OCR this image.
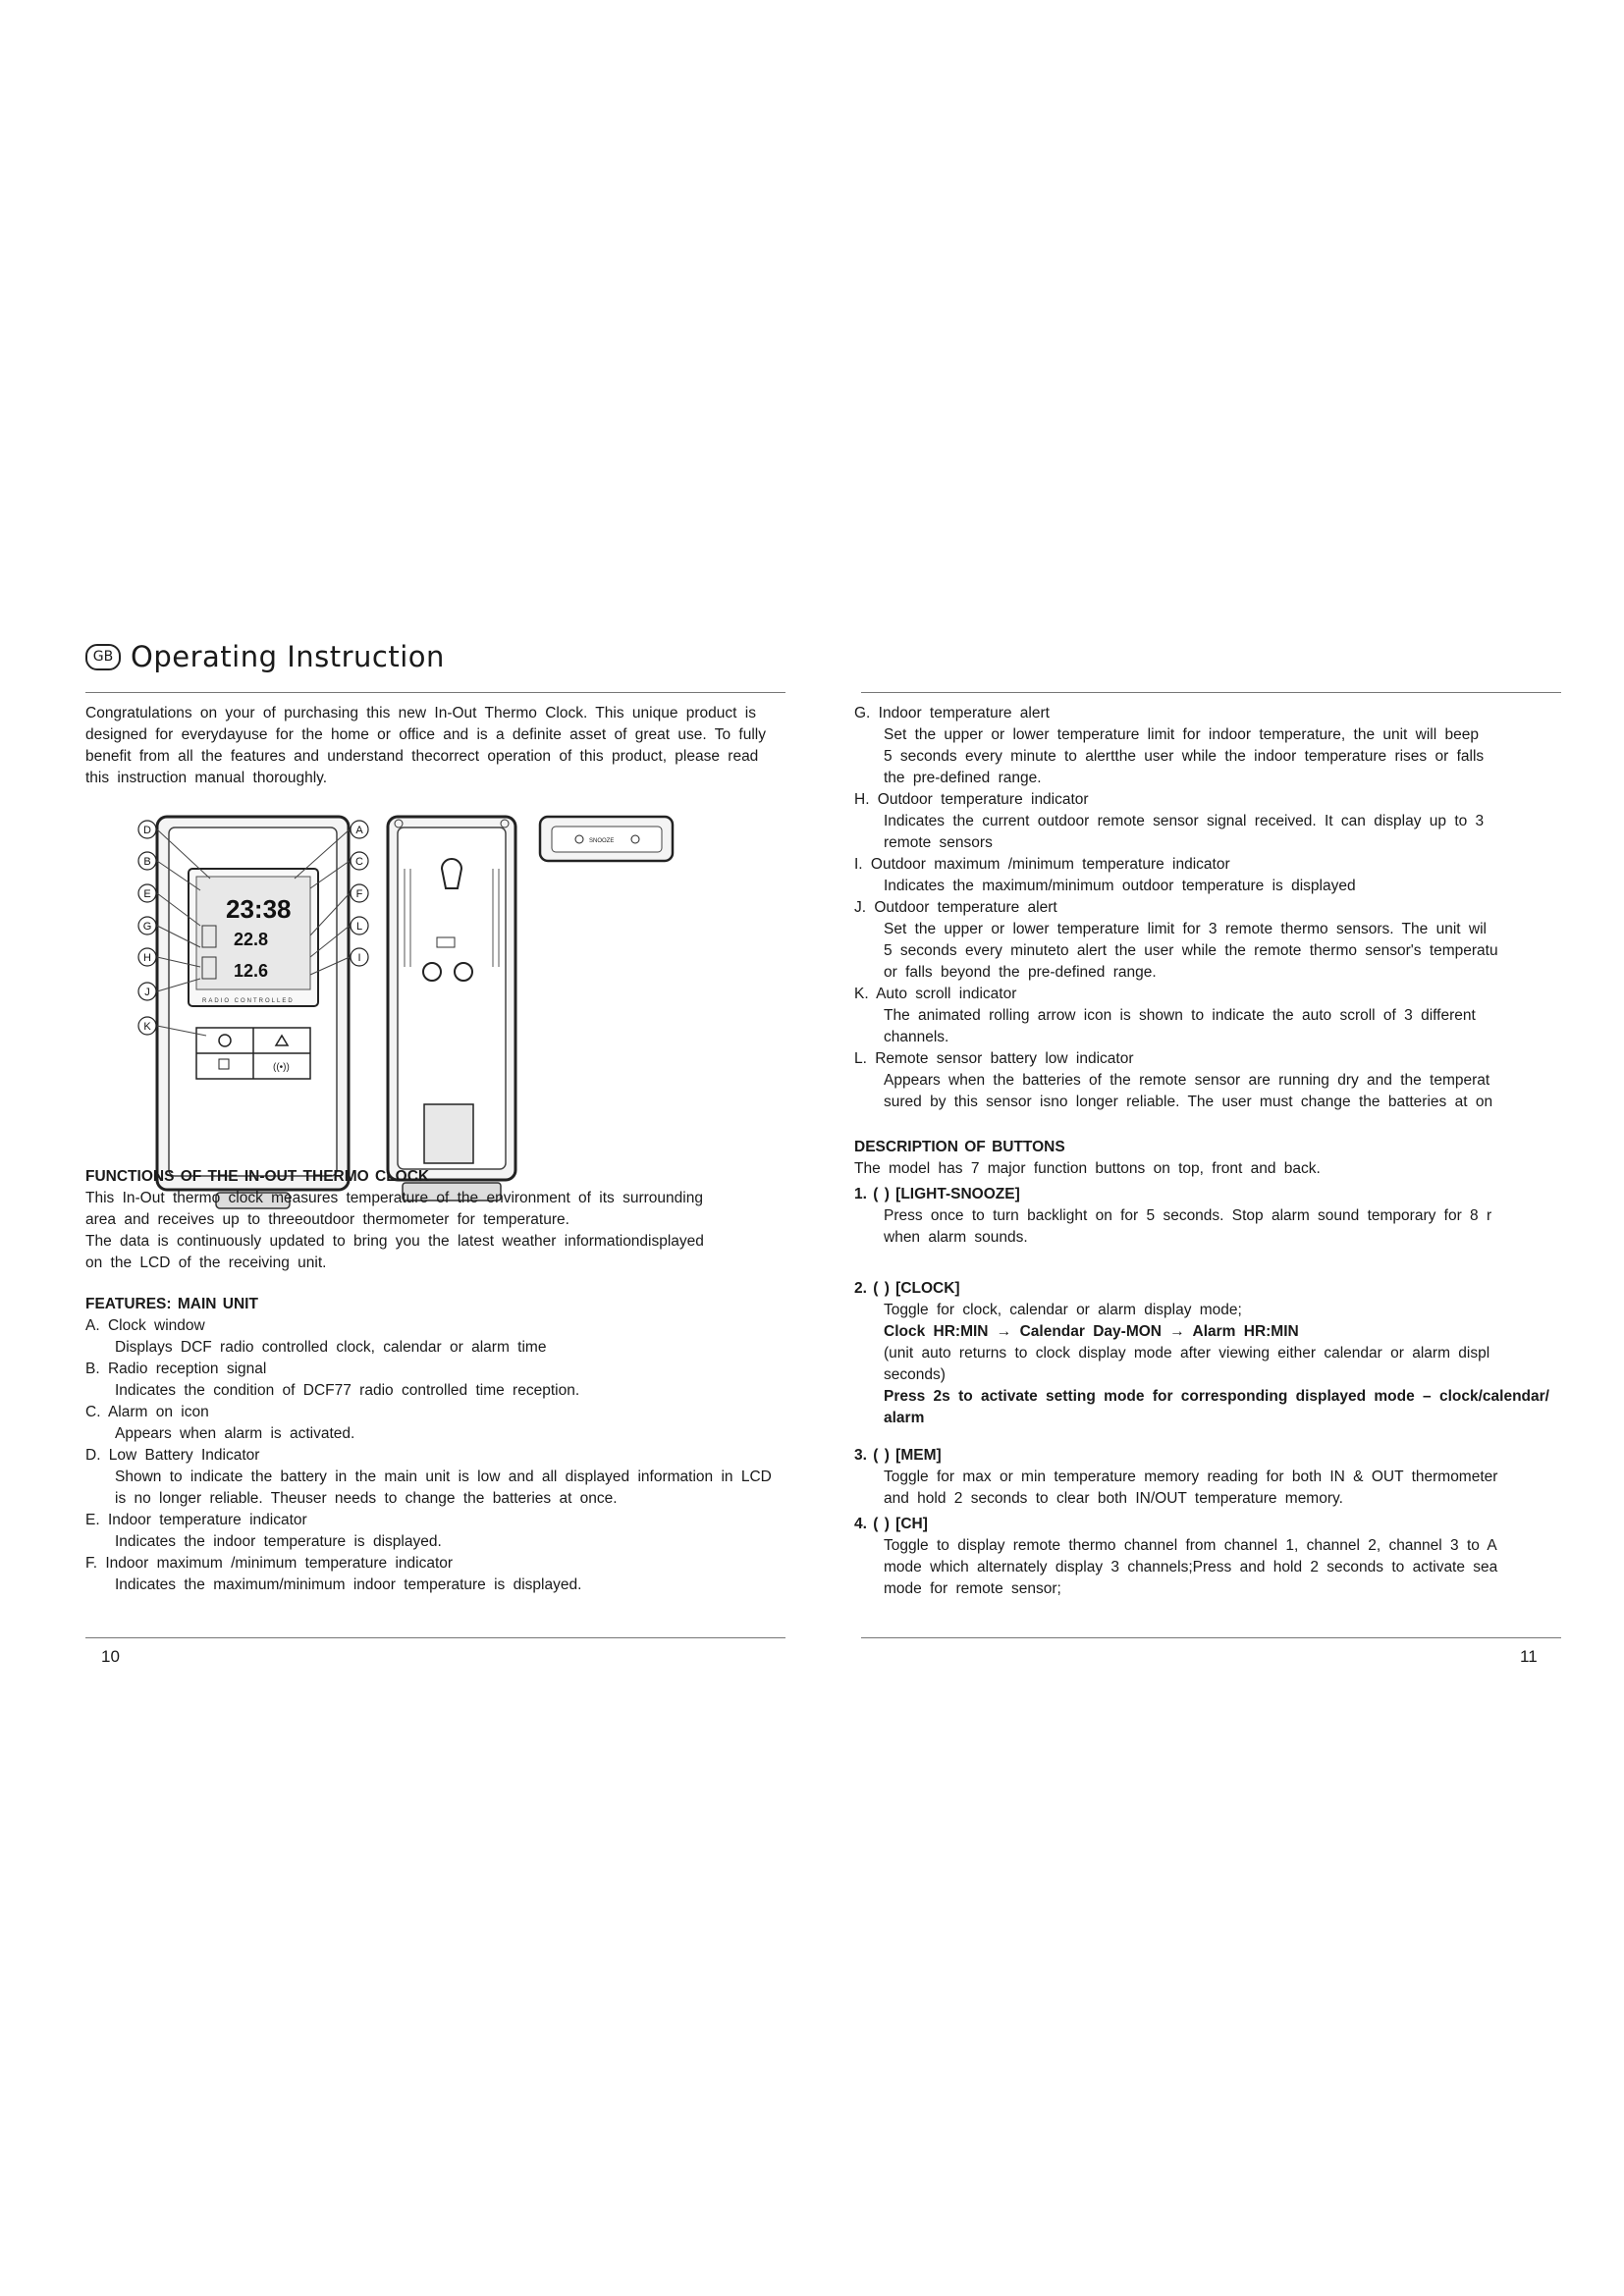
GB Operating Instruction

Congratulations on your of purchasing this new In-Out Thermo Clock. This unique product is

designed for everydayuse for the home or office and is a definite asset of great use. To fully

benefit from all the features and understand thecorrect operation of this product, please read

this instruction manual thoroughly.

23:38
22.8
12.6
RADIO CONTROLLED
((•))
D
B
E
G
H
J
K
A
C
F
L
I
SNOOZE
FUNCTIONS OF THE IN-OUT THERMO CLOCK

This In-Out thermo clock measures temperature of the environment of its surrounding

area and receives up to threeoutdoor thermometer for temperature.

The data is continuously updated to bring you the latest weather informationdisplayed

on the LCD of the receiving unit.

FEATURES: MAIN UNIT

A. Clock window

Displays DCF radio controlled clock, calendar or alarm time

B. Radio reception signal

Indicates the condition of DCF77 radio controlled time reception.

C. Alarm on icon

Appears when alarm is activated.

D. Low Battery Indicator

Shown to indicate the battery in the main unit is low and all displayed information in LCD

is no longer reliable. Theuser needs to change the batteries at once.

E. Indoor temperature indicator

Indicates the indoor temperature is displayed.

F. Indoor maximum /minimum temperature indicator

Indicates the maximum/minimum indoor temperature is displayed.

G. Indoor temperature alert

Set the upper or lower temperature limit for indoor temperature, the unit will beep

5 seconds every minute to alertthe user while the indoor temperature rises or falls

the pre-defined range.

H. Outdoor temperature indicator

Indicates the current outdoor remote sensor signal received. It can display up to 3

remote sensors

I. Outdoor maximum /minimum temperature indicator

Indicates the maximum/minimum outdoor temperature is displayed

J. Outdoor temperature alert

Set the upper or lower temperature limit for 3 remote thermo sensors. The unit wil

5 seconds every minuteto alert the user while the remote thermo sensor's temperatu

or falls beyond the pre-defined range.

K. Auto scroll indicator

The animated rolling arrow icon is shown to indicate the auto scroll of 3 different

channels.

L. Remote sensor battery low indicator

Appears when the batteries of the remote sensor are running dry and the temperat

sured by this sensor isno longer reliable. The user must change the batteries at on

DESCRIPTION OF BUTTONS

The model has 7 major function buttons on top, front and back.

1. ( ) [LIGHT-SNOOZE]

Press once to turn backlight on for 5 seconds. Stop alarm sound temporary for 8 r

when alarm sounds.

2. ( ) [CLOCK]

Toggle for clock, calendar or alarm display mode;

Clock HR:MIN → Calendar Day-MON → Alarm HR:MIN

(unit auto returns to clock display mode after viewing either calendar or alarm displ

seconds)

Press 2s to activate setting mode for corresponding displayed mode – clock/calendar/

alarm

3. ( ) [MEM]

Toggle for max or min temperature memory reading for both IN & OUT thermometer

and hold 2 seconds to clear both IN/OUT temperature memory.

4. ( ) [CH]

Toggle to display remote thermo channel from channel 1, channel 2, channel 3 to A

mode which alternately display 3 channels;Press and hold 2 seconds to activate sea

mode for remote sensor;

10	11
